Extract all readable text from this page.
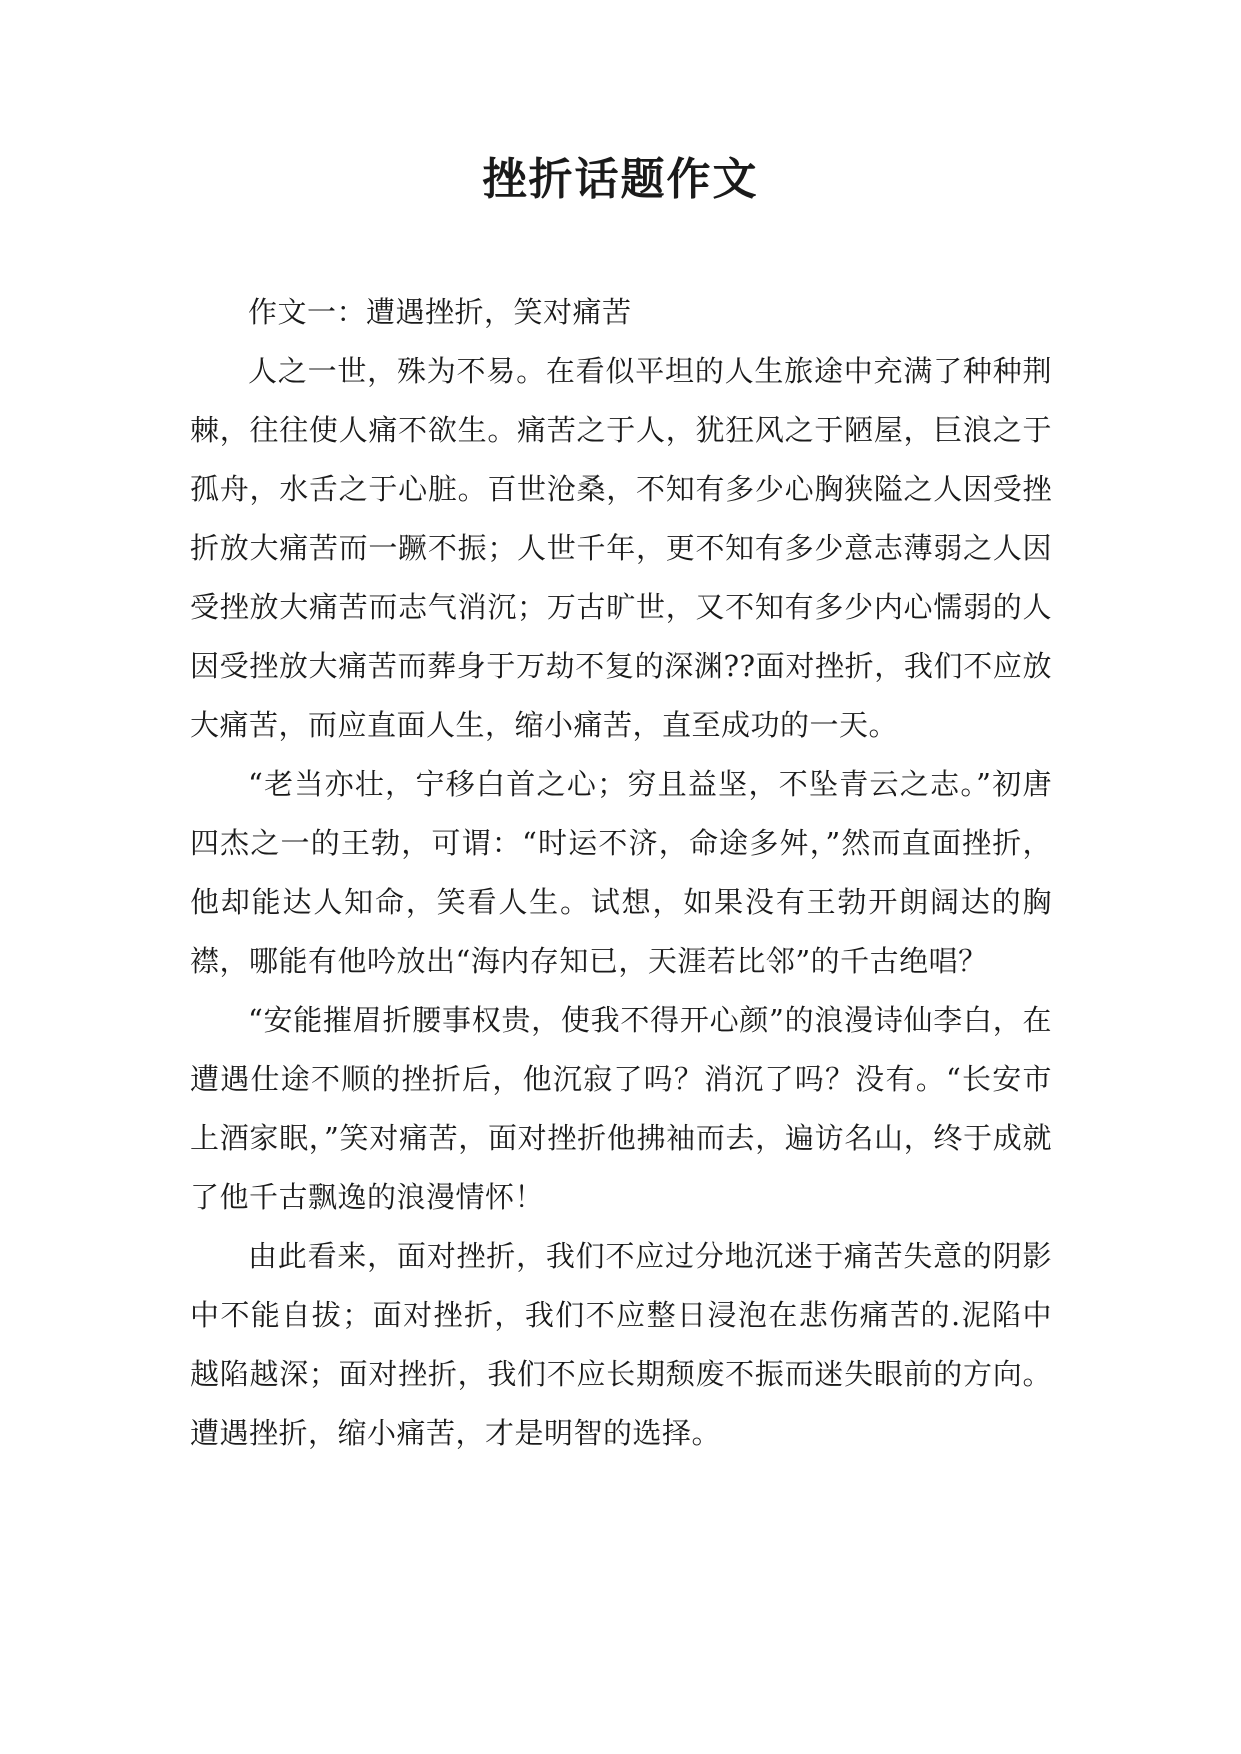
挫折话题作文

作文一：遭遇挫折，笑对痛苦

人之一世，殊为不易。在看似平坦的人生旅途中充满了种种荆棘，往往使人痛不欲生。痛苦之于人，犹狂风之于陋屋，巨浪之于孤舟，水舌之于心脏。百世沧桑，不知有多少心胸狭隘之人因受挫折放大痛苦而一蹶不振；人世千年，更不知有多少意志薄弱之人因受挫放大痛苦而志气消沉；万古旷世，又不知有多少内心懦弱的人因受挫放大痛苦而葬身于万劫不复的深渊??面对挫折，我们不应放大痛苦，而应直面人生，缩小痛苦，直至成功的一天。

“老当亦壮，宁移白首之心；穷且益坚，不坠青云之志。”初唐四杰之一的王勃，可谓：“时运不济，命途多舛，”然而直面挫折，他却能达人知命，笑看人生。试想，如果没有王勃开朗阔达的胸襟，哪能有他吟放出“海内存知已，天涯若比邻”的千古绝唱？

“安能摧眉折腰事权贵，使我不得开心颜”的浪漫诗仙李白，在遭遇仕途不顺的挫折后，他沉寂了吗？消沉了吗？没有。“长安市上酒家眠，”笑对痛苦，面对挫折他拂袖而去，遍访名山，终于成就了他千古飘逸的浪漫情怀！

由此看来，面对挫折，我们不应过分地沉迷于痛苦失意的阴影中不能自拔；面对挫折，我们不应整日浸泡在悲伤痛苦的.泥陷中越陷越深；面对挫折，我们不应长期颓废不振而迷失眼前的方向。遭遇挫折，缩小痛苦，才是明智的选择。
